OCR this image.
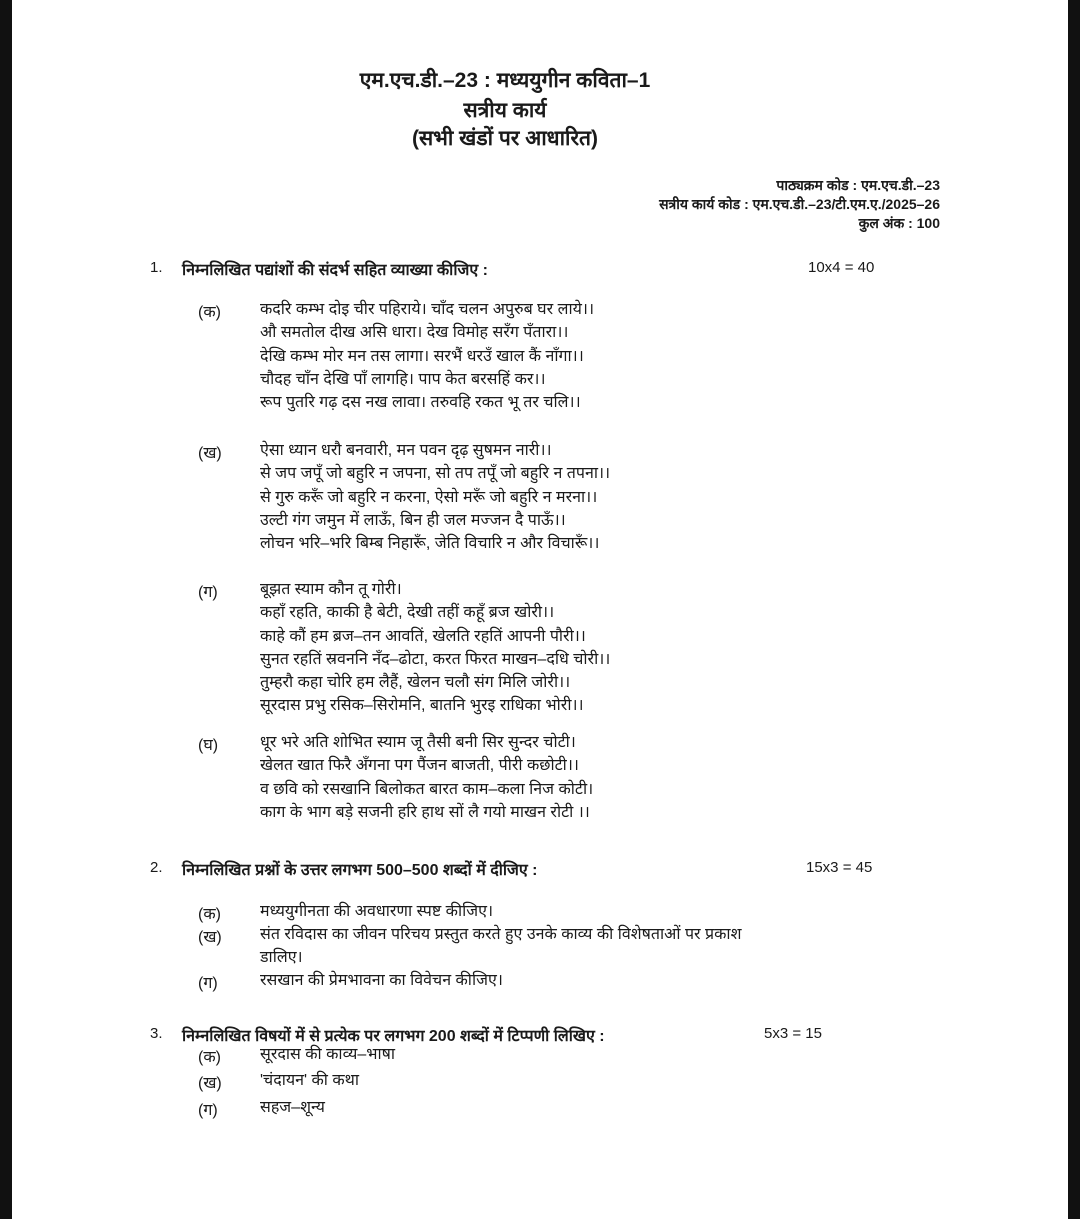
एम.एच.डी.–23 : मध्ययुगीन कविता–1
सत्रीय कार्य
(सभी खंडों पर आधारित)
पाठ्यक्रम कोड : एम.एच.डी.–23
सत्रीय कार्य कोड : एम.एच.डी.–23/टी.एम.ए./2025–26
कुल अंक : 100
1. निम्नलिखित पद्यांशों की संदर्भ सहित व्याख्या कीजिए :	10x4 = 40
2. निम्नलिखित प्रश्नों के उत्तर लगभग 500–500 शब्दों में दीजिए :	15x3 = 45
3. निम्नलिखित विषयों में से प्रत्येक पर लगभग 200 शब्दों में टिप्पणी लिखिए :	5x3 = 15
(क) कदरि कम्भ दोइ चीर पहिराये। चाँद चलन अपुरुब घर लाये।।
औ समतोल दीख असि धारा। देख विमोह सरँग पँतारा।।
देखि कम्भ मोर मन तस लागा। सरभैं धरउँ खाल कैं नाँगा।।
चौदह चाँन देखि पाँ लागहि। पाप केत बरसहिं कर।।
रूप पुतरि गढ़ दस नख लावा। तरुवहि रकत भू तर चलि।।
(ख) ऐसा ध्यान धरौ बनवारी, मन पवन दृढ़ सुषमन नारी।।
से जप जपूँ जो बहुरि न जपना, सो तप तपूँ जो बहुरि न तपना।।
से गुरु करूँ जो बहुरि न करना, ऐसो मरूँ जो बहुरि न मरना।।
उल्टी गंग जमुन में लाऊँ, बिन ही जल मज्जन दै पाऊँ।।
लोचन भरि–भरि बिम्ब निहारूँ, जेति विचारि न और विचारूँ।।
(ग)	बूझत स्याम कौन तू गोरी।
कहाँ रहति, काकी है बेटी, देखी तहीं कहूँ ब्रज खोरी।।
काहे कौं हम ब्रज–तन आवतिं, खेलति रहतिं आपनी पौरी।।
सुनत रहतिं स्रवननि नँद–ढोटा, करत फिरत माखन–दधि चोरी।।
तुम्हरौ कहा चोरि हम लैहैं, खेलन चलौ संग मिलि जोरी।।
सूरदास प्रभु रसिक–सिरोमनि, बातनि भुरइ राधिका भोरी।।
(घ)	धूर भरे अति शोभित स्याम जू तैसी बनी सिर सुन्दर चोटी।
खेलत खात फिरै अँगना पग पैंजन बाजती, पीरी कछोटी।।
व छवि को रसखानि बिलोकत बारत काम–कला निज कोटी।
काग के भाग बड़े सजनी हरि हाथ सों लै गयो माखन रोटी ।।
(क) मध्ययुगीनता की अवधारणा स्पष्ट कीजिए।
(ख) संत रविदास का जीवन परिचय प्रस्तुत करते हुए उनके काव्य की विशेषताओं पर प्रकाश
डालिए।
(ग)	रसखान की प्रेमभावना का विवेचन कीजिए।
(क) सूरदास की काव्य–भाषा
(ख) 'चंदायन' की कथा
(ग)	सहज–शून्य
